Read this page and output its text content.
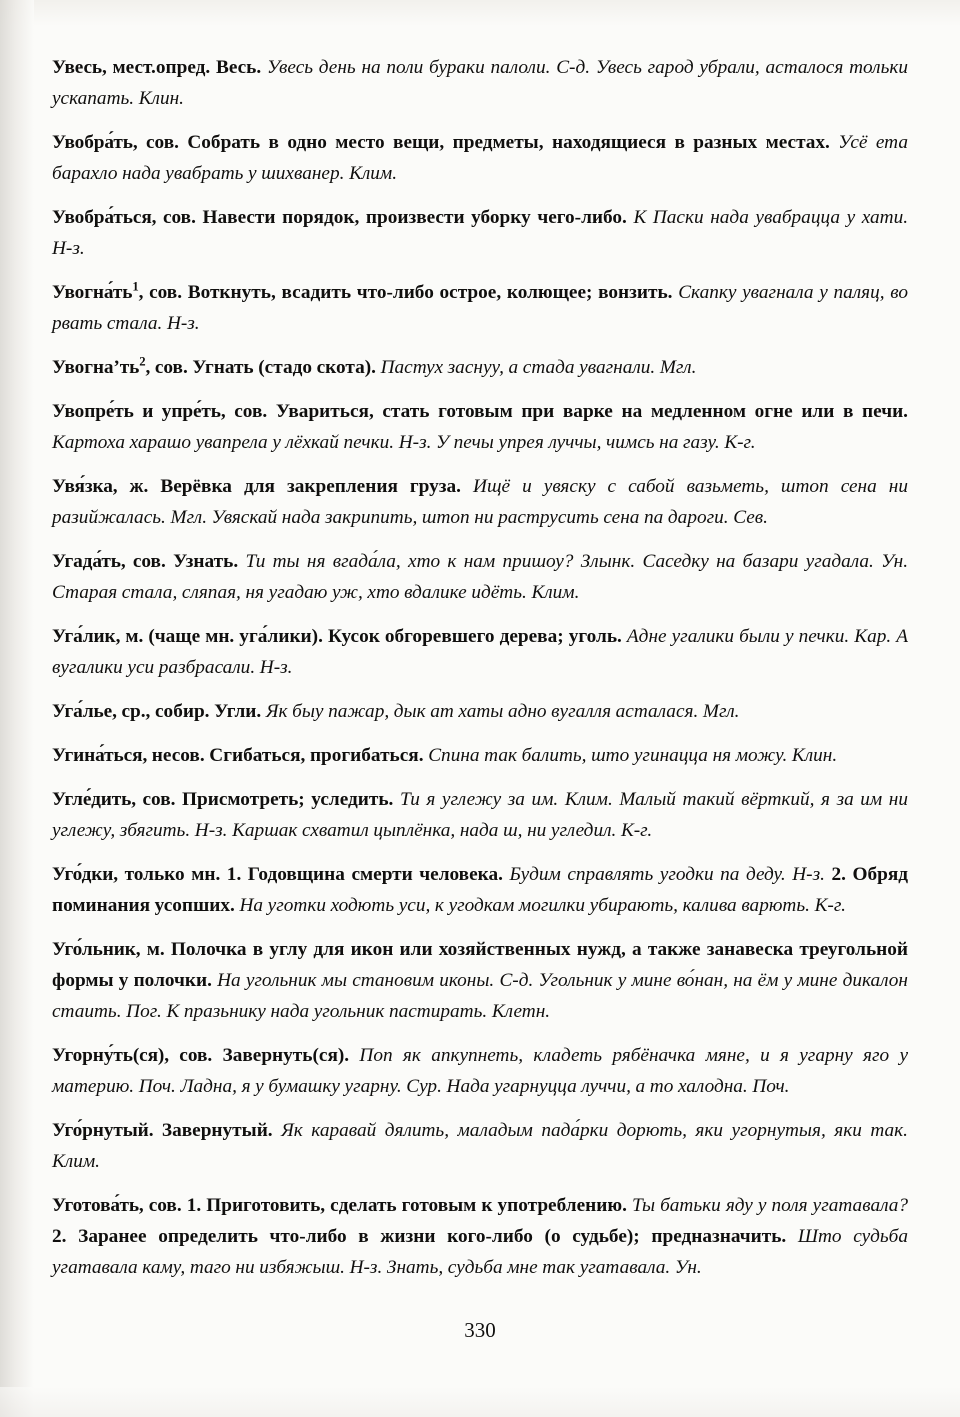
Увесь, мест.опред. Весь. Увесь день на поли бураки палоли. С-д. Увесь гарод убрали, асталося тольки ускапать. Клин.

Увобра́ть, сов. Собрать в одно место вещи, предметы, находящиеся в разных местах. Усё ета барахло нада увабрать у шихванер. Клим.

Увобра́ться, сов. Навести порядок, произвести уборку чего-либо. К Паски нада увабрацца у хати. Н-з.

$Увогна́ть^1$, сов. Воткнуть, всадить что-либо острое, колющее; вонзить. Скапку увагнала у паляц, во рвать стала. Н-з.

$Увогна’ть^2$, сов. Угнать (стадо скота). Пастух заснуу, а стада увагнали. Мгл.

Увопре́ть и упре́ть, сов. Увариться, стать готовым при варке на медленном огне или в печи. Картоха харашо увапрела у лёхкай печки. Н-з. У печы упрея луччы, чимсь на газу. К-г.

Увя́зка, ж. Верёвка для закрепления груза. Ищё и увяску с сабой вазьметь, штоп сена ни разийжалась. Мгл. Увяскай нада закрипить, штоп ни раструсить сена па дароги. Сев.

Угада́ть, сов. Узнать. Ти ты ня вгада́ла, хто к нам пришоу? Злынк. Саседку на базари угадала. Ун. Старая стала, сляпая, ня угадаю уж, хто вдалике идёть. Клим.

Уга́лик, м. (чаще мн. уга́лики). Кусок обгоревшего дерева; уголь. Адне угалики были у печки. Кар. А вугалики уси разбрасали. Н-з.

Уга́лье, ср., собир. Угли. Як быу пажар, дык ат хаты адно вугалля асталася. Мгл.

Угина́ться, несов. Сгибаться, прогибаться. Спина так балить, што угинацца ня можу. Клин.

Угле́дить, сов. Присмотреть; уследить. Ти я углежу за им. Клим. Малый такий вёрткий, я за им ни углежу, збягить. Н-з. Каршак схватил цыплёнка, нада ш, ни угледил. К-г.

Уго́дки, только мн. 1. Годовщина смерти человека. Будим справлять угодки па деду. Н-з. 2. Обряд поминания усопших. На уготки ходють уси, к угодкам могилки убирають, калива варють. К-г.

Уго́льник, м. Полочка в углу для икон или хозяйственных нужд, а также занавеска треугольной формы у полочки. На угольник мы становим иконы. С-д. Угольник у мине во́нан, на ём у мине дикалон стаить. Пог. К празьнику нада угольник пастирать. Клетн.

Угорну́ть(ся), сов. Завернуть(ся). Поп як апкупнеть, кладеть рябёначка мяне, и я угарну яго у материю. Поч. Ладна, я у бумашку угарну. Сур. Нада угарнуцца луччи, а то халодна. Поч.

Уго́рнутый. Завернутый. Як каравай дялить, маладым пада́рки дорють, яки угорнутыя, яки так. Клим.

Уготова́ть, сов. 1. Приготовить, сделать готовым к употреблению. Ты батьки яду у поля угатавала? 2. Заранее определить что-либо в жизни кого-либо (о судьбе); предназначить. Што судьба угатавала каму, таго ни избяжыш. Н-з. Знать, судьба мне так угатавала. Ун.

330
